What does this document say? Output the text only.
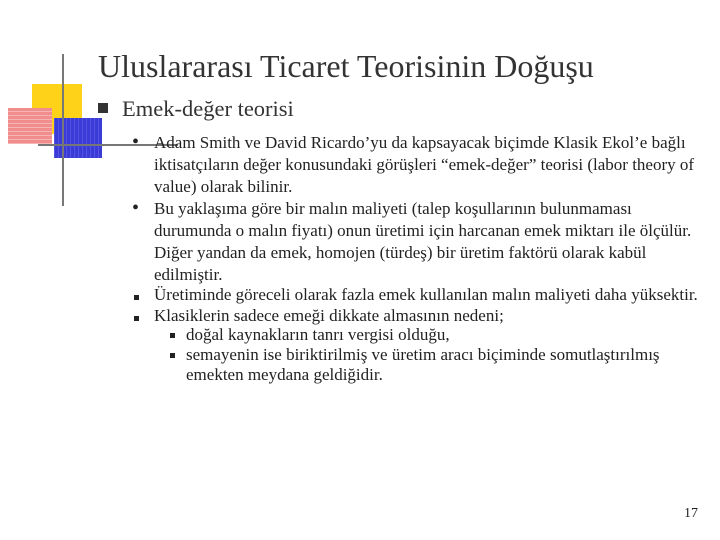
Uluslararası Ticaret Teorisinin Doğuşu
Emek-değer teorisi
• Adam Smith ve David Ricardo’yu da kapsayacak biçimde Klasik Ekol’e bağlı iktisatçıların değer konusundaki görüşleri “emek-değer” teorisi (labor theory of value) olarak bilinir.
• Bu yaklaşıma göre bir malın maliyeti (talep koşullarının bulunmaması durumunda o malın fiyatı) onun üretimi için harcanan emek miktarı ile ölçülür. Diğer yandan da emek, homojen (türdeş) bir üretim faktörü olarak kabül edilmiştir.
Üretiminde göreceli olarak fazla emek kullanılan malın maliyeti daha yüksektir.
Klasiklerin sadece emeği dikkate almasının nedeni;
doğal kaynakların tanrı vergisi olduğu,
semayenin ise biriktirilmiş ve üretim aracı biçiminde somutlaştırılmış emekten meydana geldiğidir.
17
